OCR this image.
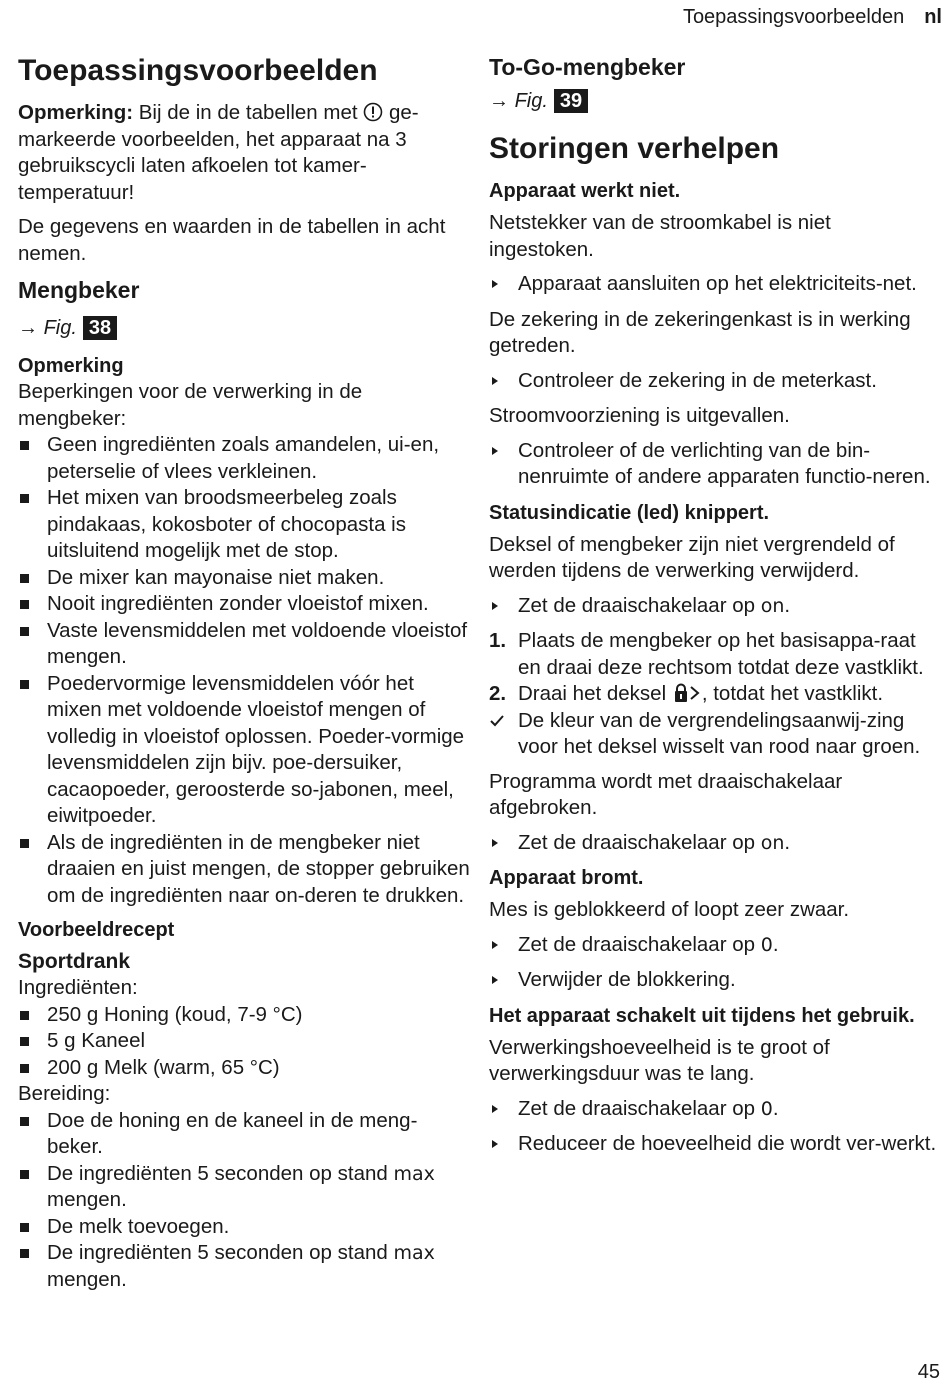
Toepassingsvoorbeelden nl
Toepassingsvoorbeelden

Opmerking: Bij de in de tabellen met ge-markeerde voorbeelden, het apparaat na 3 gebruikscycli laten afkoelen tot kamer-temperatuur!

De gegevens en waarden in de tabellen in acht nemen.

Mengbeker
→ Fig. 38
Opmerking

Beperkingen voor de verwerking in de mengbeker:

Geen ingrediënten zoals amandelen, ui-en, peterselie of vlees verkleinen.
Het mixen van broodsmeerbeleg zoals pindakaas, kokosboter of chocopasta is uitsluitend mogelijk met de stop.
De mixer kan mayonaise niet maken.
Nooit ingrediënten zonder vloeistof mixen.
Vaste levensmiddelen met voldoende vloeistof mengen.
Poedervormige levensmiddelen vóór het mixen met voldoende vloeistof mengen of volledig in vloeistof oplossen. Poeder-vormige levensmiddelen zijn bijv. poe-dersuiker, cacaopoeder, geroosterde so-jabonen, meel, eiwitpoeder.
Als de ingrediënten in de mengbeker niet draaien en juist mengen, de stopper gebruiken om de ingrediënten naar on-deren te drukken.
Voorbeeldrecept
Sportdrank

Ingrediënten:

250 g Honing (koud, 7-9 °C)
5 g Kaneel
200 g Melk (warm, 65 °C)

Bereiding:

Doe de honing en de kaneel in de meng-beker.
De ingrediënten 5 seconden op stand max mengen.
De melk toevoegen.
De ingrediënten 5 seconden op stand max mengen.
To-Go-mengbeker
→ Fig. 39
Storingen verhelpen
Apparaat werkt niet.

Netstekker van de stroomkabel is niet ingestoken.

Apparaat aansluiten op het elektriciteits-net.

De zekering in de zekeringenkast is in werking getreden.

Controleer de zekering in de meterkast.

Stroomvoorziening is uitgevallen.

Controleer of de verlichting van de bin-nenruimte of andere apparaten functio-neren.
Statusindicatie (led) knippert.

Deksel of mengbeker zijn niet vergrendeld of werden tijdens de verwerking verwijderd.

Zet de draaischakelaar op on.
1. Plaats de mengbeker op het basisappa-raat en draai deze rechtsom totdat deze vastklikt.
2. Draai het deksel , totdat het vastklikt.
De kleur van de vergrendelingsaanwij-zing voor het deksel wisselt van rood naar groen.

Programma wordt met draaischakelaar afgebroken.

Zet de draaischakelaar op on.
Apparaat bromt.

Mes is geblokkeerd of loopt zeer zwaar.

Zet de draaischakelaar op 0.
Verwijder de blokkering.
Het apparaat schakelt uit tijdens het gebruik.

Verwerkingshoeveelheid is te groot of verwerkingsduur was te lang.

Zet de draaischakelaar op 0.
Reduceer de hoeveelheid die wordt ver-werkt.
45
